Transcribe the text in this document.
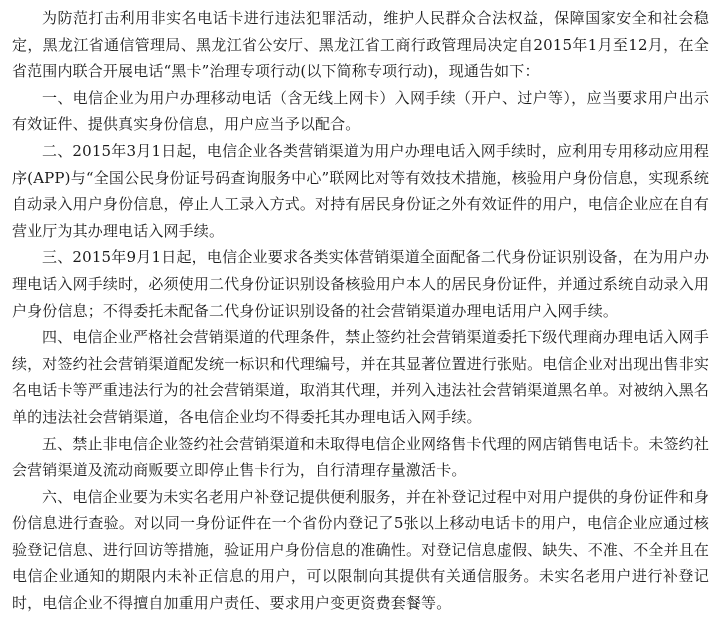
为防范打击利用非实名电话卡进行违法犯罪活动，维护人民群众合法权益，保障国家安全和社会稳定，黑龙江省通信管理局、黑龙江省公安厅、黑龙江省工商行政管理局决定自2015年1月至12月，在全省范围内联合开展电话“黑卡”治理专项行动(以下简称专项行动)，现通告如下：

一、电信企业为用户办理移动电话（含无线上网卡）入网手续（开户、过户等），应当要求用户出示有效证件、提供真实身份信息，用户应当予以配合。

二、2015年3月1日起，电信企业各类营销渠道为用户办理电话入网手续时，应利用专用移动应用程序(APP)与“全国公民身份证号码查询服务中心”联网比对等有效技术措施，核验用户身份信息，实现系统自动录入用户身份信息，停止人工录入方式。对持有居民身份证之外有效证件的用户，电信企业应在自有营业厅为其办理电话入网手续。

三、2015年9月1日起，电信企业要求各类实体营销渠道全面配备二代身份证识别设备，在为用户办理电话入网手续时，必须使用二代身份证识别设备核验用户本人的居民身份证件，并通过系统自动录入用户身份信息；不得委托未配备二代身份证识别设备的社会营销渠道办理电话用户入网手续。

四、电信企业严格社会营销渠道的代理条件，禁止签约社会营销渠道委托下级代理商办理电话入网手续，对签约社会营销渠道配发统一标识和代理编号，并在其显著位置进行张贴。电信企业对出现出售非实名电话卡等严重违法行为的社会营销渠道，取消其代理，并列入违法社会营销渠道黑名单。对被纳入黑名单的违法社会营销渠道，各电信企业均不得委托其办理电话入网手续。

五、禁止非电信企业签约社会营销渠道和未取得电信企业网络售卡代理的网店销售电话卡。未签约社会营销渠道及流动商贩要立即停止售卡行为，自行清理存量激活卡。

六、电信企业要为未实名老用户补登记提供便利服务，并在补登记过程中对用户提供的身份证件和身份信息进行查验。对以同一身份证件在一个省份内登记了5张以上移动电话卡的用户，电信企业应通过核验登记信息、进行回访等措施，验证用户身份信息的准确性。对登记信息虚假、缺失、不准、不全并且在电信企业通知的期限内未补正信息的用户，可以限制向其提供有关通信服务。未实名老用户进行补登记时，电信企业不得擅自加重用户责任、要求用户变更资费套餐等。
